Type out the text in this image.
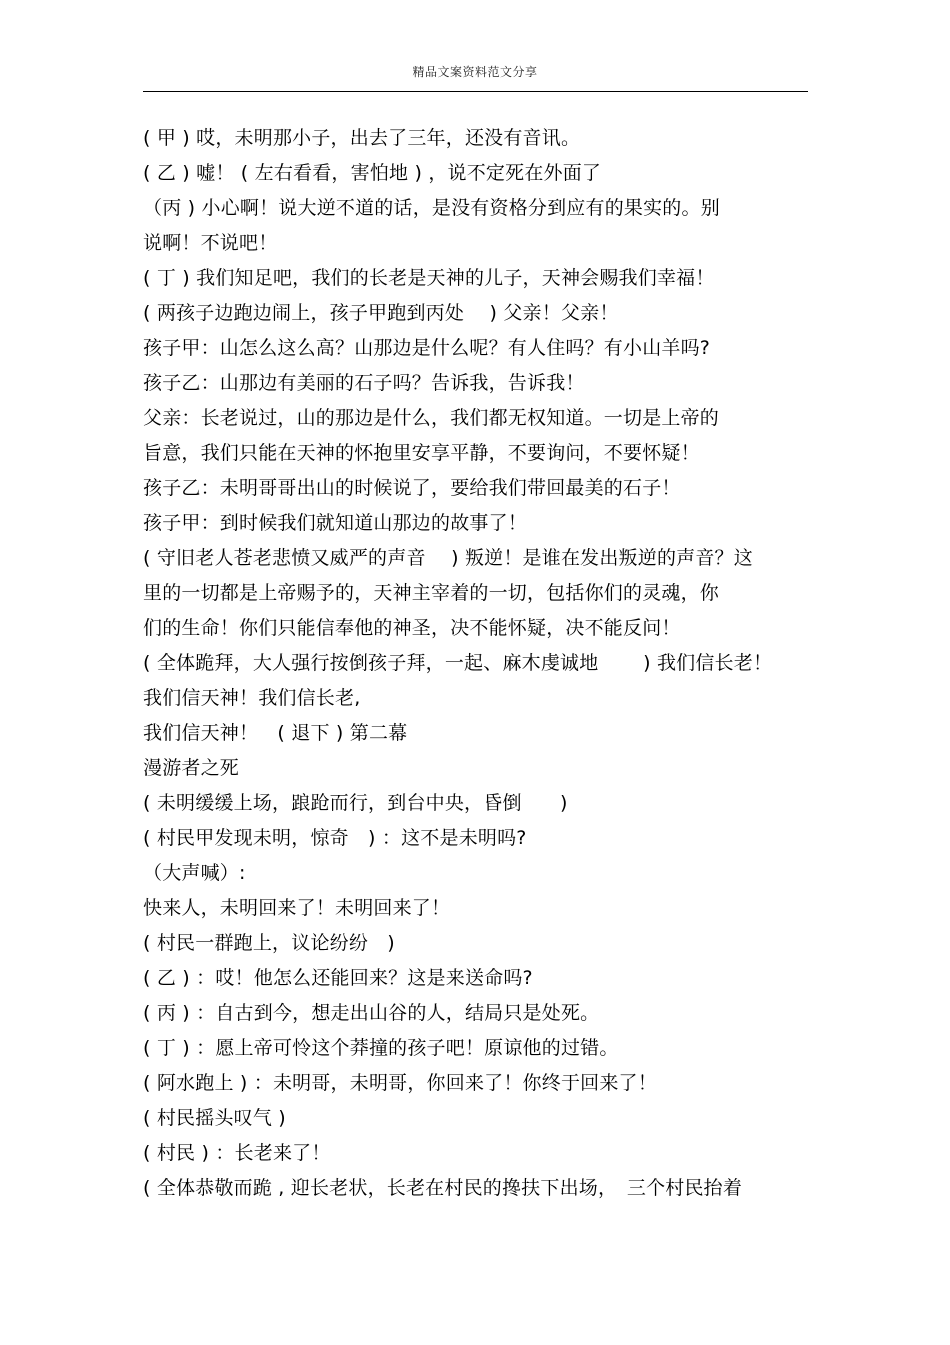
精品文案资料范文分享
( 甲 ) 哎，未明那小子，出去了三年，还没有音讯。
( 乙 ) 嘘！ ( 左右看看，害怕地 ) ，说不定死在外面了
（丙 ) 小心啊！说大逆不道的话，是没有资格分到应有的果实的。别
说啊！不说吧！
( 丁 ) 我们知足吧，我们的长老是天神的儿子，天神会赐我们幸福！
( 两孩子边跑边闹上，孩子甲跑到丙处　 ) 父亲！父亲！
孩子甲：山怎么这么高？山那边是什么呢？有人住吗？有小山羊吗?
孩子乙：山那边有美丽的石子吗？告诉我，告诉我！
父亲：长老说过，山的那边是什么，我们都无权知道。一切是上帝的
旨意，我们只能在天神的怀抱里安享平静，不要询问，不要怀疑！
孩子乙：未明哥哥出山的时候说了，要给我们带回最美的石子！
孩子甲：到时候我们就知道山那边的故事了！
( 守旧老人苍老悲愤又威严的声音　 ) 叛逆！是谁在发出叛逆的声音？这
里的一切都是上帝赐予的，天神主宰着的一切，包括你们的灵魂，你
们的生命！你们只能信奉他的神圣，决不能怀疑，决不能反问！
( 全体跪拜，大人强行按倒孩子拜，一起、麻木虔诚地　　 ) 我们信长老！
我们信天神！我们信长老,
我们信天神！　( 退下 ) 第二幕
漫游者之死
( 未明缓缓上场，踉跄而行，到台中央，昏倒　　)
( 村民甲发现未明，惊奇　) ：这不是未明吗?
（大声喊）:
快来人，未明回来了！未明回来了！
( 村民一群跑上，议论纷纷　)
( 乙 ) ：哎！他怎么还能回来？这是来送命吗?
( 丙 ) ：自古到今，想走出山谷的人，结局只是处死。
( 丁 ) ：愿上帝可怜这个莽撞的孩子吧！原谅他的过错。
( 阿水跑上 ) ：未明哥，未明哥，你回来了！你终于回来了！
( 村民摇头叹气 )
( 村民 ) ：长老来了！
( 全体恭敬而跪 , 迎长老状，长老在村民的搀扶下出场，　三个村民抬着
